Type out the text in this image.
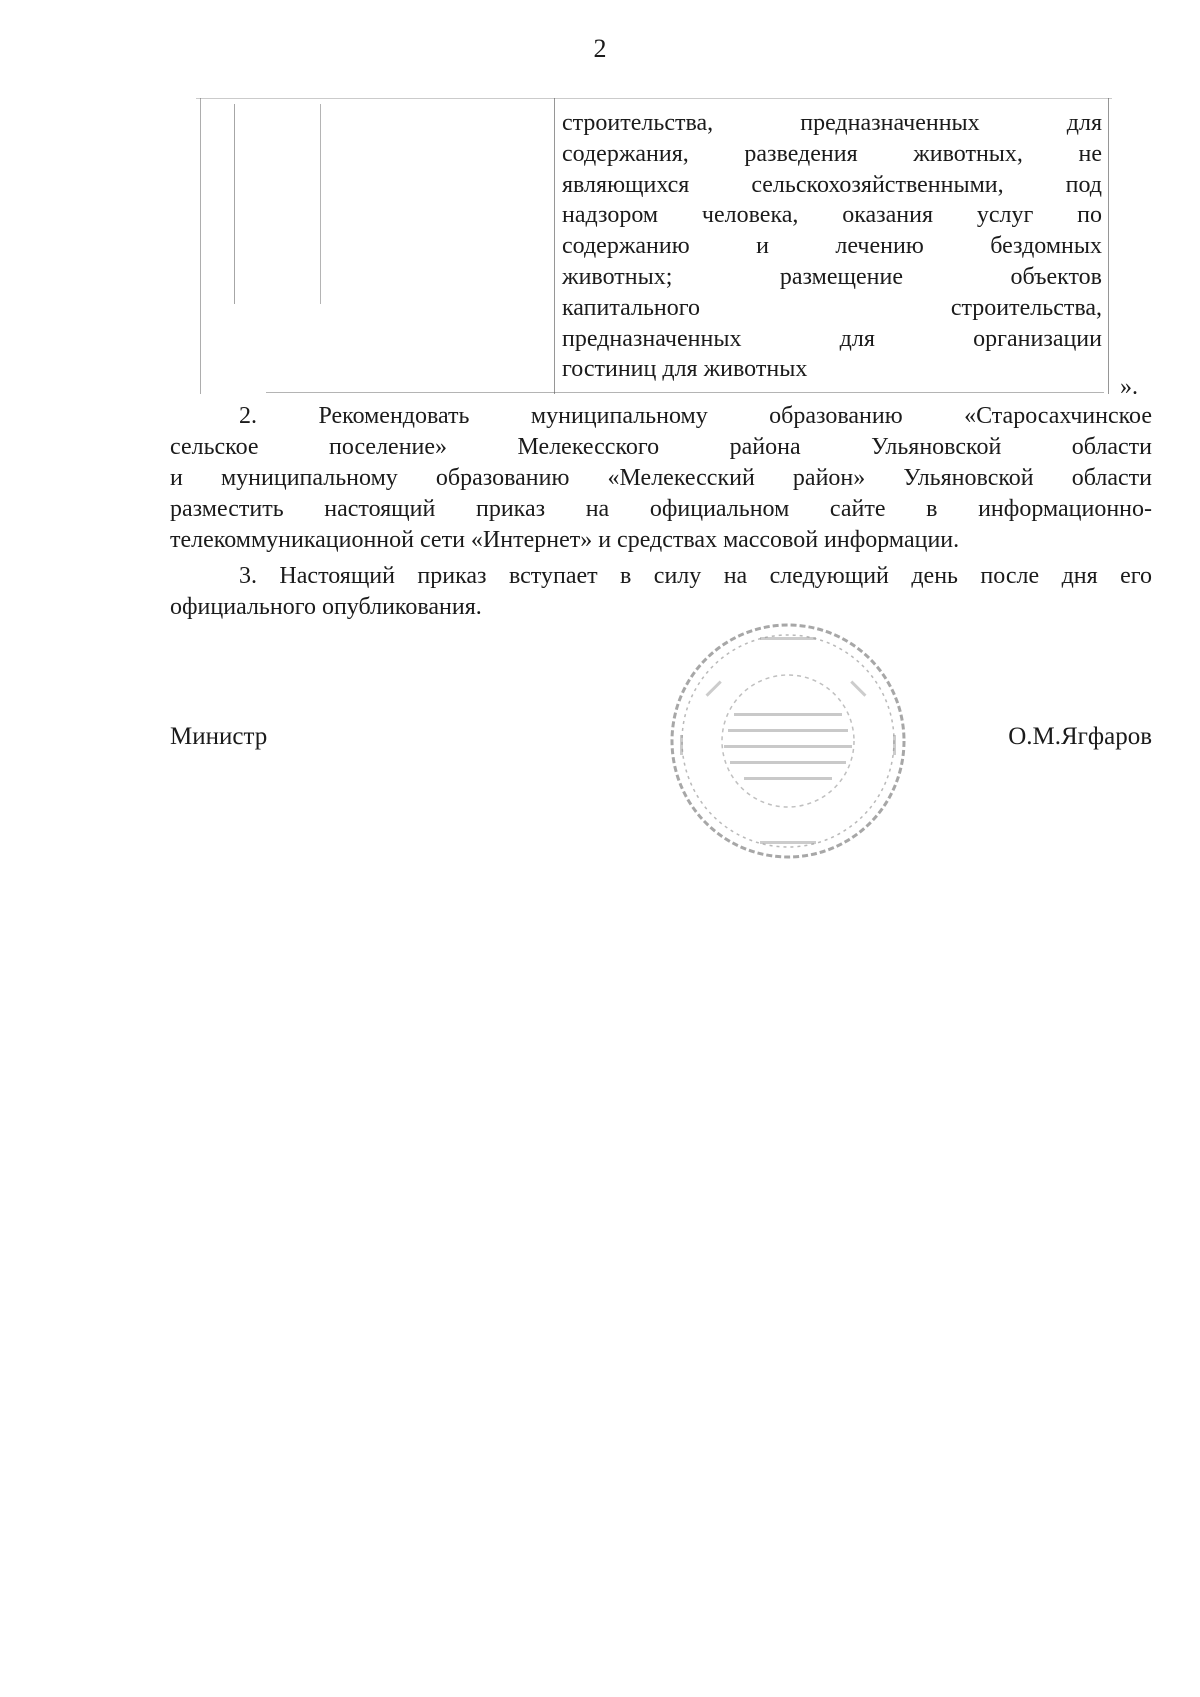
2
строительства, предназначенных для
содержания, разведения животных, не
являющихся сельскохозяйственными, под
надзором человека, оказания услуг по
содержанию и лечению бездомных
животных; размещение объектов
капитального строительства,
предназначенных для организации
гостиниц для животных
».
2. Рекомендовать муниципальному образованию «Старосахчинское
сельское поселение» Мелекесского района Ульяновской области
и муниципальному образованию «Мелекесский район» Ульяновской области
разместить настоящий приказ на официальном сайте в информационно-
телекоммуникационной сети «Интернет» и средствах массовой информации.
3. Настоящий приказ вступает в силу на следующий день после дня его
официального опубликования.
Министр	О.М.Ягфаров
